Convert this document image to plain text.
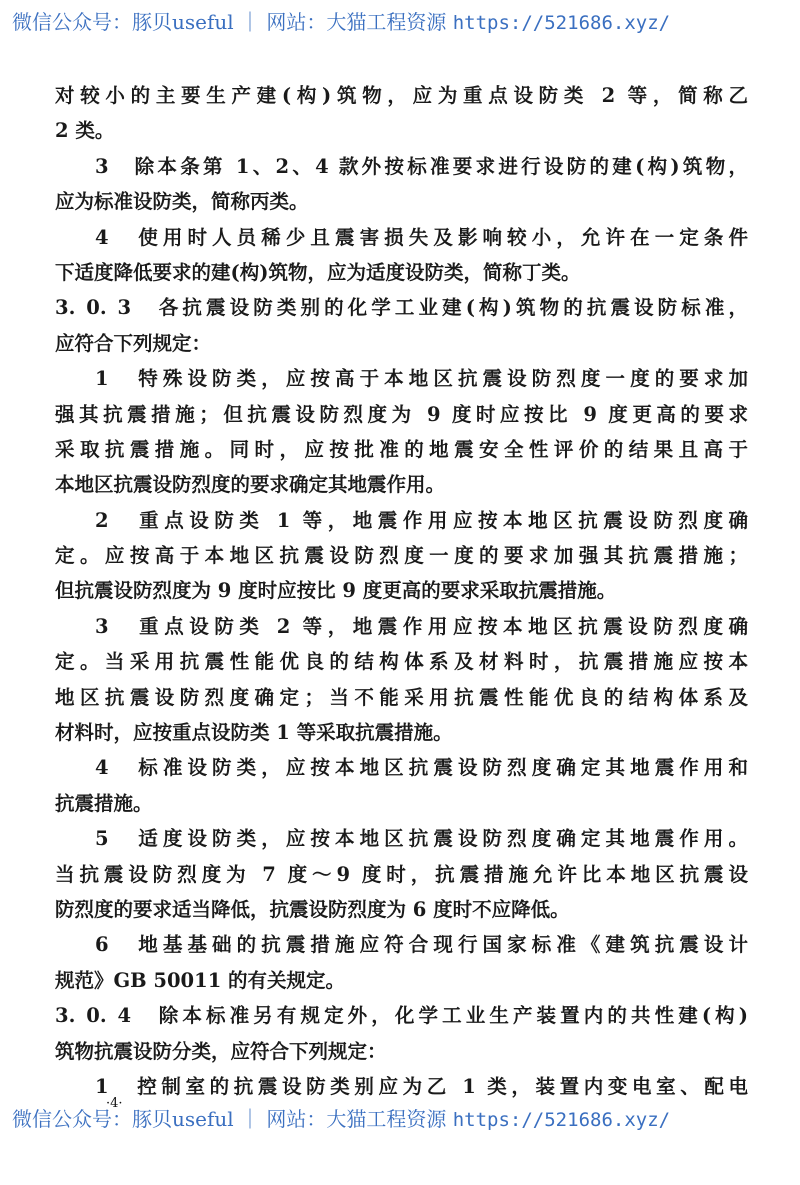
微信公众号：豚贝useful ｜ 网站：大猫工程资源 https://521686.xyz/
对较小的主要生产建(构)筑物，应为重点设防类 2 等，简称乙
2 类。
3　除本条第 1、2、4 款外按标准要求进行设防的建(构)筑物，
应为标准设防类，简称丙类。
4　使用时人员稀少且震害损失及影响较小，允许在一定条件
下适度降低要求的建(构)筑物，应为适度设防类，简称丁类。
3. 0. 3　各抗震设防类别的化学工业建(构)筑物的抗震设防标准，
应符合下列规定：
1　特殊设防类，应按高于本地区抗震设防烈度一度的要求加
强其抗震措施；但抗震设防烈度为 9 度时应按比 9 度更高的要求
采取抗震措施。同时，应按批准的地震安全性评价的结果且高于
本地区抗震设防烈度的要求确定其地震作用。
2　重点设防类 1 等，地震作用应按本地区抗震设防烈度确
定。应按高于本地区抗震设防烈度一度的要求加强其抗震措施；
但抗震设防烈度为 9 度时应按比 9 度更高的要求采取抗震措施。
3　重点设防类 2 等，地震作用应按本地区抗震设防烈度确
定。当采用抗震性能优良的结构体系及材料时，抗震措施应按本
地区抗震设防烈度确定；当不能采用抗震性能优良的结构体系及
材料时，应按重点设防类 1 等采取抗震措施。
4　标准设防类，应按本地区抗震设防烈度确定其地震作用和
抗震措施。
5　适度设防类，应按本地区抗震设防烈度确定其地震作用。
当抗震设防烈度为 7 度～9 度时，抗震措施允许比本地区抗震设
防烈度的要求适当降低，抗震设防烈度为 6 度时不应降低。
6　地基基础的抗震措施应符合现行国家标准《建筑抗震设计
规范》GB 50011 的有关规定。
3. 0. 4　除本标准另有规定外，化学工业生产装置内的共性建(构)
筑物抗震设防分类，应符合下列规定：
1　控制室的抗震设防类别应为乙 1 类，装置内变电室、配电
·4·
微信公众号：豚贝useful ｜ 网站：大猫工程资源 https://521686.xyz/
